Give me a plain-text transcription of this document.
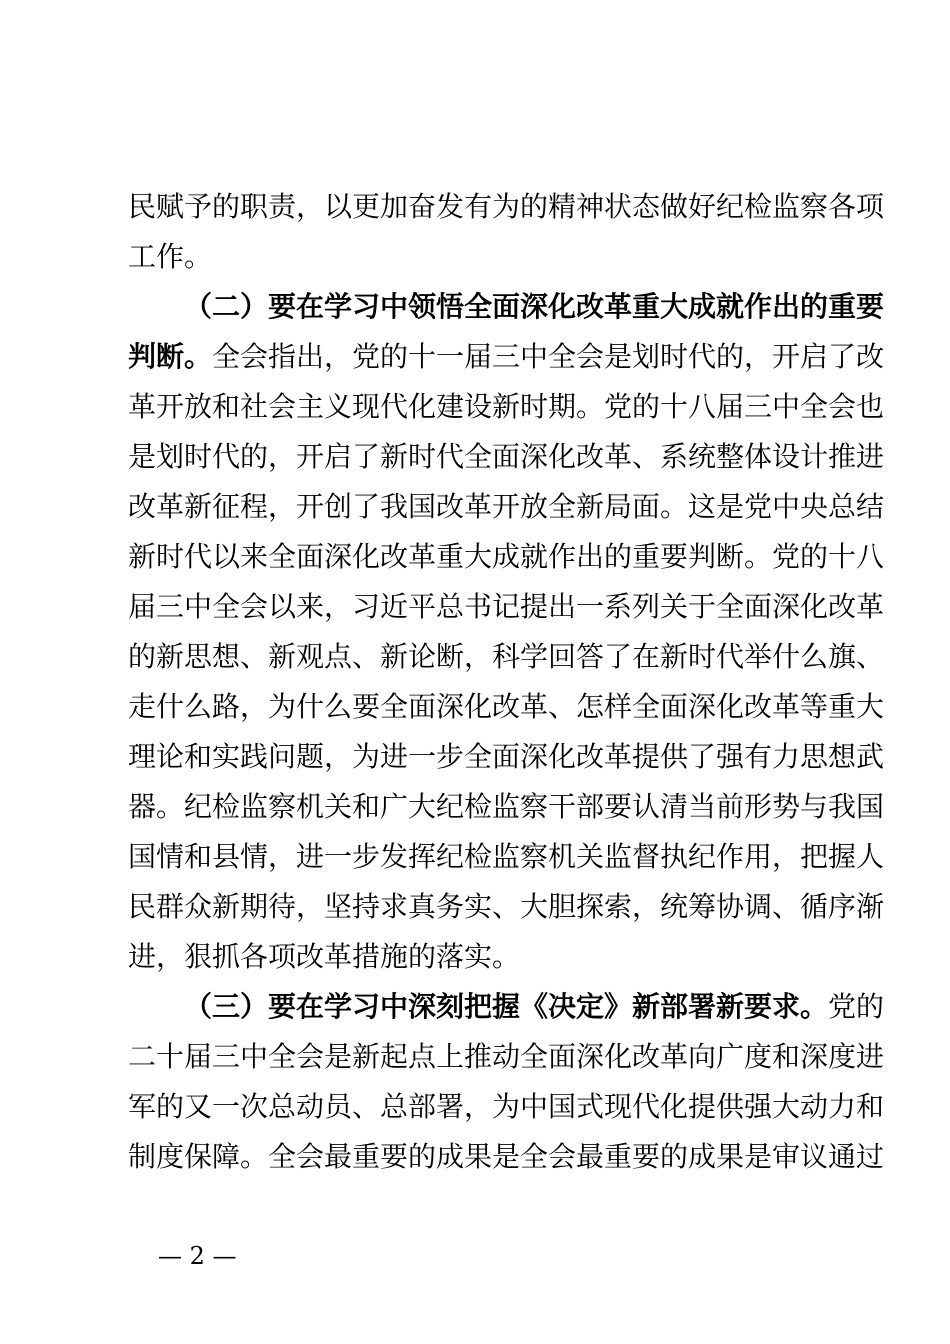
民赋予的职责，以更加奋发有为的精神状态做好纪检监察各项
工作。
（二）要在学习中领悟全面深化改革重大成就作出的重要
判断。全会指出，党的十一届三中全会是划时代的，开启了改
革开放和社会主义现代化建设新时期。党的十八届三中全会也
是划时代的，开启了新时代全面深化改革、系统整体设计推进
改革新征程，开创了我国改革开放全新局面。这是党中央总结
新时代以来全面深化改革重大成就作出的重要判断。党的十八
届三中全会以来，习近平总书记提出一系列关于全面深化改革
的新思想、新观点、新论断，科学回答了在新时代举什么旗、
走什么路，为什么要全面深化改革、怎样全面深化改革等重大
理论和实践问题，为进一步全面深化改革提供了强有力思想武
器。纪检监察机关和广大纪检监察干部要认清当前形势与我国
国情和县情，进一步发挥纪检监察机关监督执纪作用，把握人
民群众新期待，坚持求真务实、大胆探索，统筹协调、循序渐
进，狠抓各项改革措施的落实。
（三）要在学习中深刻把握《决定》新部署新要求。党的
二十届三中全会是新起点上推动全面深化改革向广度和深度进
军的又一次总动员、总部署，为中国式现代化提供强大动力和
制度保障。全会最重要的成果是全会最重要的成果是审议通过
— 2 —
